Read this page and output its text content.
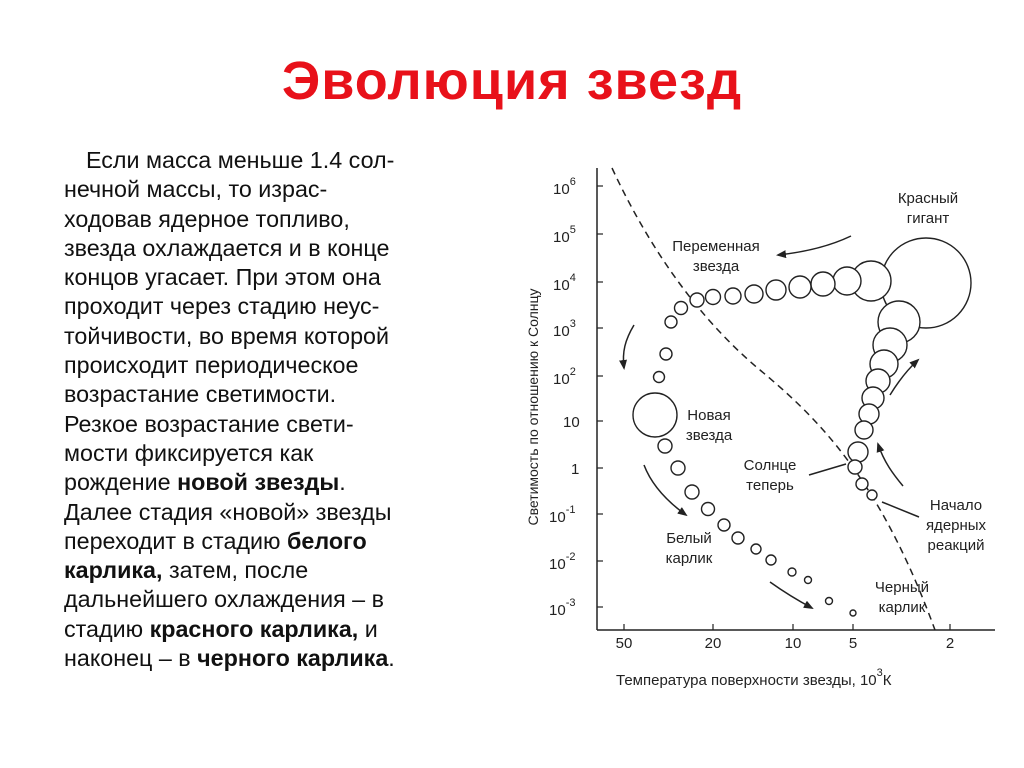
Эволюция звезд
Если масса меньше 1.4 сол-
нечной массы, то израс-
ходовав ядерное топливо,
звезда охлаждается и в конце
концов угасает. При этом она
проходит через стадию неус-
тойчивости, во время которой
происходит периодическое
возрастание светимости.
Резкое возрастание свети-
мости фиксируется как
рождение новой звезды.
Далее стадия «новой» звезды
переходит в стадию белого
карлика, затем, после
дальнейшего охлаждения – в
стадию красного карлика, и
наконец – в черного карлика.
$10^6$
$10^5$
$10^4$
$10^3$
$10^2$
10
1
$10^{-1}$
$10^{-2}$
$10^{-3}$
50	20	10	5	2
Температура поверхности звезды, $10^3К$
Светимость по отношению к Солнцу
Красный гигант
Переменная звезда
Новая звезда
Солнце теперь
Начало ядерных реакций
Белый карлик
Черный карлик
